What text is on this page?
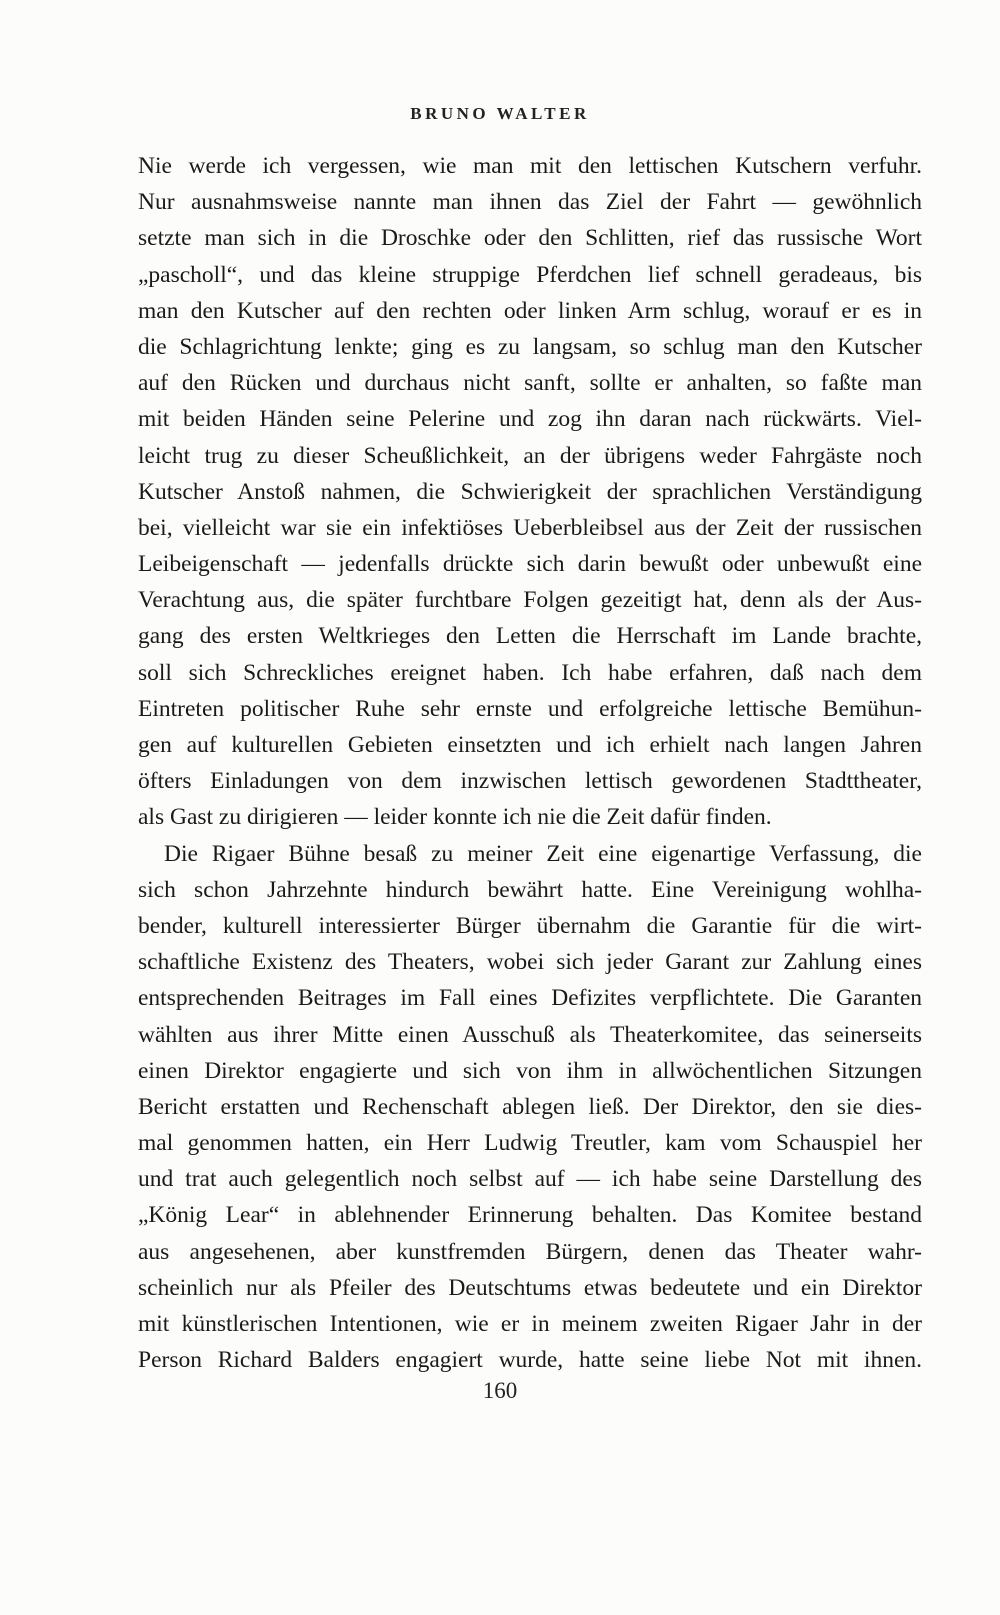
BRUNO WALTER
Nie werde ich vergessen, wie man mit den lettischen Kutschern verfuhr.
Nur ausnahmsweise nannte man ihnen das Ziel der Fahrt — gewöhnlich
setzte man sich in die Droschke oder den Schlitten, rief das russische Wort
„pascholl“, und das kleine struppige Pferdchen lief schnell geradeaus, bis
man den Kutscher auf den rechten oder linken Arm schlug, worauf er es in
die Schlagrichtung lenkte; ging es zu langsam, so schlug man den Kutscher
auf den Rücken und durchaus nicht sanft, sollte er anhalten, so faßte man
mit beiden Händen seine Pelerine und zog ihn daran nach rückwärts. Viel-
leicht trug zu dieser Scheußlichkeit, an der übrigens weder Fahrgäste noch
Kutscher Anstoß nahmen, die Schwierigkeit der sprachlichen Verständigung
bei, vielleicht war sie ein infektiöses Ueberbleibsel aus der Zeit der russischen
Leibeigenschaft — jedenfalls drückte sich darin bewußt oder unbewußt eine
Verachtung aus, die später furchtbare Folgen gezeitigt hat, denn als der Aus-
gang des ersten Weltkrieges den Letten die Herrschaft im Lande brachte,
soll sich Schreckliches ereignet haben. Ich habe erfahren, daß nach dem
Eintreten politischer Ruhe sehr ernste und erfolgreiche lettische Bemühun-
gen auf kulturellen Gebieten einsetzten und ich erhielt nach langen Jahren
öfters Einladungen von dem inzwischen lettisch gewordenen Stadttheater,
als Gast zu dirigieren — leider konnte ich nie die Zeit dafür finden.
Die Rigaer Bühne besaß zu meiner Zeit eine eigenartige Verfassung, die
sich schon Jahrzehnte hindurch bewährt hatte. Eine Vereinigung wohlha-
bender, kulturell interessierter Bürger übernahm die Garantie für die wirt-
schaftliche Existenz des Theaters, wobei sich jeder Garant zur Zahlung eines
entsprechenden Beitrages im Fall eines Defizites verpflichtete. Die Garanten
wählten aus ihrer Mitte einen Ausschuß als Theaterkomitee, das seinerseits
einen Direktor engagierte und sich von ihm in allwöchentlichen Sitzungen
Bericht erstatten und Rechenschaft ablegen ließ. Der Direktor, den sie dies-
mal genommen hatten, ein Herr Ludwig Treutler, kam vom Schauspiel her
und trat auch gelegentlich noch selbst auf — ich habe seine Darstellung des
„König Lear“ in ablehnender Erinnerung behalten. Das Komitee bestand
aus angesehenen, aber kunstfremden Bürgern, denen das Theater wahr-
scheinlich nur als Pfeiler des Deutschtums etwas bedeutete und ein Direktor
mit künstlerischen Intentionen, wie er in meinem zweiten Rigaer Jahr in der
Person Richard Balders engagiert wurde, hatte seine liebe Not mit ihnen.
160
